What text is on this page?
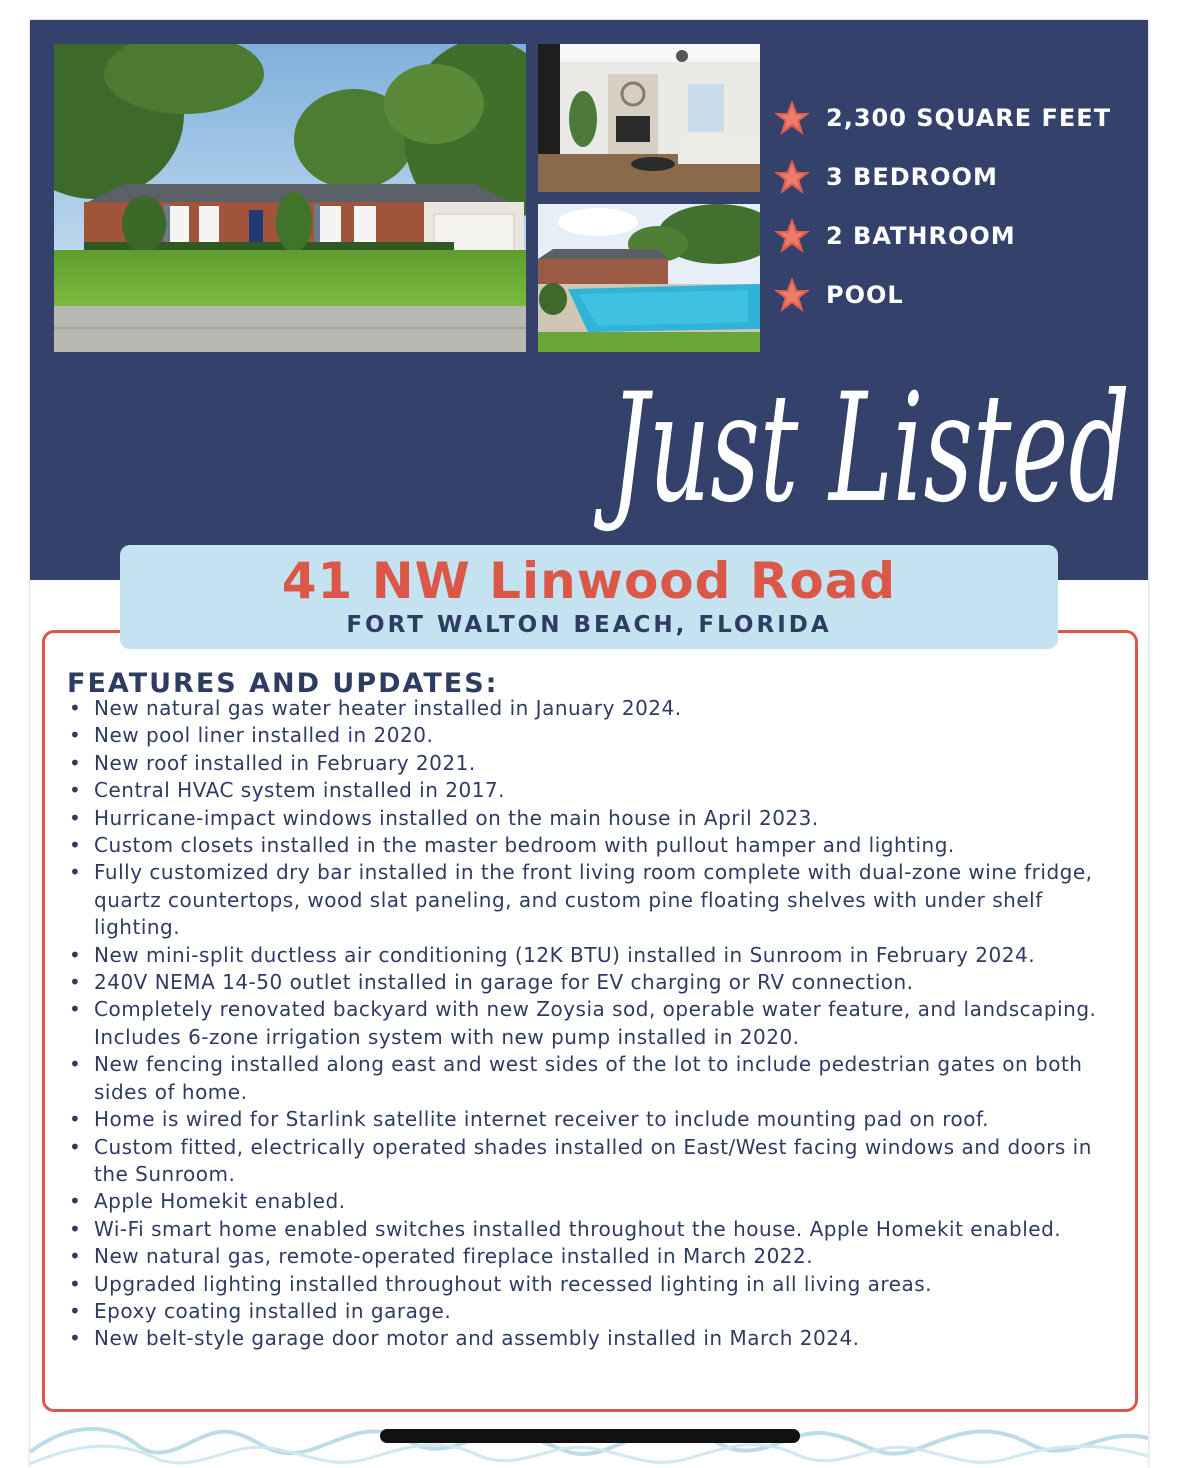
2,300 SQUARE FEET
3 BEDROOM
2 BATHROOM
POOL
Just Listed
41 NW Linwood Road
FORT WALTON BEACH, FLORIDA
FEATURES AND UPDATES:
• New natural gas water heater installed in January 2024.
• New pool liner installed in 2020.
• New roof installed in February 2021.
• Central HVAC system installed in 2017.
• Hurricane-impact windows installed on the main house in April 2023.
• Custom closets installed in the master bedroom with pullout hamper and lighting.
• Fully customized dry bar installed in the front living room complete with dual-zone wine fridge, quartz countertops, wood slat paneling, and custom pine floating shelves with under shelf lighting.
• New mini-split ductless air conditioning (12K BTU) installed in Sunroom in February 2024.
• 240V NEMA 14-50 outlet installed in garage for EV charging or RV connection.
• Completely renovated backyard with new Zoysia sod, operable water feature, and landscaping. Includes 6-zone irrigation system with new pump installed in 2020.
• New fencing installed along east and west sides of the lot to include pedestrian gates on both sides of home.
• Home is wired for Starlink satellite internet receiver to include mounting pad on roof.
• Custom fitted, electrically operated shades installed on East/West facing windows and doors in the Sunroom.
• Apple Homekit enabled.
• Wi-Fi smart home enabled switches installed throughout the house. Apple Homekit enabled.
• New natural gas, remote-operated fireplace installed in March 2022.
• Upgraded lighting installed throughout with recessed lighting in all living areas.
• Epoxy coating installed in garage.
• New belt-style garage door motor and assembly installed in March 2024.
